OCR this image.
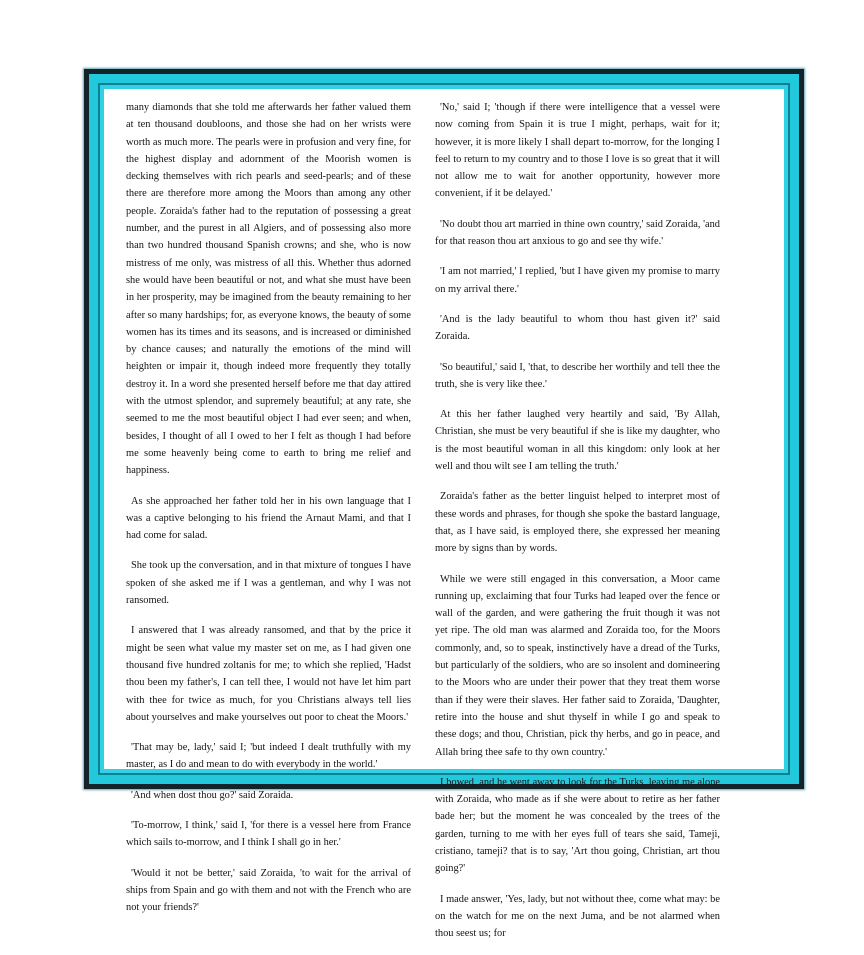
many diamonds that she told me afterwards her father valued them at ten thousand doubloons, and those she had on her wrists were worth as much more. The pearls were in profusion and very fine, for the highest display and adornment of the Moorish women is decking themselves with rich pearls and seed-pearls; and of these there are therefore more among the Moors than among any other people. Zoraida's father had to the reputation of possessing a great number, and the purest in all Algiers, and of possessing also more than two hundred thousand Spanish crowns; and she, who is now mistress of me only, was mistress of all this. Whether thus adorned she would have been beautiful or not, and what she must have been in her prosperity, may be imagined from the beauty remaining to her after so many hardships; for, as everyone knows, the beauty of some women has its times and its seasons, and is increased or diminished by chance causes; and naturally the emotions of the mind will heighten or impair it, though indeed more frequently they totally destroy it. In a word she presented herself before me that day attired with the utmost splendor, and supremely beautiful; at any rate, she seemed to me the most beautiful object I had ever seen; and when, besides, I thought of all I owed to her I felt as though I had before me some heavenly being come to earth to bring me relief and happiness.

As she approached her father told her in his own language that I was a captive belonging to his friend the Arnaut Mami, and that I had come for salad.

She took up the conversation, and in that mixture of tongues I have spoken of she asked me if I was a gentleman, and why I was not ransomed.

I answered that I was already ransomed, and that by the price it might be seen what value my master set on me, as I had given one thousand five hundred zoltanis for me; to which she replied, 'Hadst thou been my father's, I can tell thee, I would not have let him part with thee for twice as much, for you Christians always tell lies about yourselves and make yourselves out poor to cheat the Moors.'

'That may be, lady,' said I; 'but indeed I dealt truthfully with my master, as I do and mean to do with everybody in the world.'

'And when dost thou go?' said Zoraida.

'To-morrow, I think,' said I, 'for there is a vessel here from France which sails to-morrow, and I think I shall go in her.'

'Would it not be better,' said Zoraida, 'to wait for the arrival of ships from Spain and go with them and not with the French who are not your friends?'

'No,' said I; 'though if there were intelligence that a vessel were now coming from Spain it is true I might, perhaps, wait for it; however, it is more likely I shall depart to-morrow, for the longing I feel to return to my country and to those I love is so great that it will not allow me to wait for another opportunity, however more convenient, if it be delayed.'

'No doubt thou art married in thine own country,' said Zoraida, 'and for that reason thou art anxious to go and see thy wife.'

'I am not married,' I replied, 'but I have given my promise to marry on my arrival there.'

'And is the lady beautiful to whom thou hast given it?' said Zoraida.

'So beautiful,' said I, 'that, to describe her worthily and tell thee the truth, she is very like thee.'

At this her father laughed very heartily and said, 'By Allah, Christian, she must be very beautiful if she is like my daughter, who is the most beautiful woman in all this kingdom: only look at her well and thou wilt see I am telling the truth.'

Zoraida's father as the better linguist helped to interpret most of these words and phrases, for though she spoke the bastard language, that, as I have said, is employed there, she expressed her meaning more by signs than by words.

While we were still engaged in this conversation, a Moor came running up, exclaiming that four Turks had leaped over the fence or wall of the garden, and were gathering the fruit though it was not yet ripe. The old man was alarmed and Zoraida too, for the Moors commonly, and, so to speak, instinctively have a dread of the Turks, but particularly of the soldiers, who are so insolent and domineering to the Moors who are under their power that they treat them worse than if they were their slaves. Her father said to Zoraida, 'Daughter, retire into the house and shut thyself in while I go and speak to these dogs; and thou, Christian, pick thy herbs, and go in peace, and Allah bring thee safe to thy own country.'

I bowed, and he went away to look for the Turks, leaving me alone with Zoraida, who made as if she were about to retire as her father bade her; but the moment he was concealed by the trees of the garden, turning to me with her eyes full of tears she said, Tameji, cristiano, tameji? that is to say, 'Art thou going, Christian, art thou going?'

I made answer, 'Yes, lady, but not without thee, come what may: be on the watch for me on the next Juma, and be not alarmed when thou seest us; for
